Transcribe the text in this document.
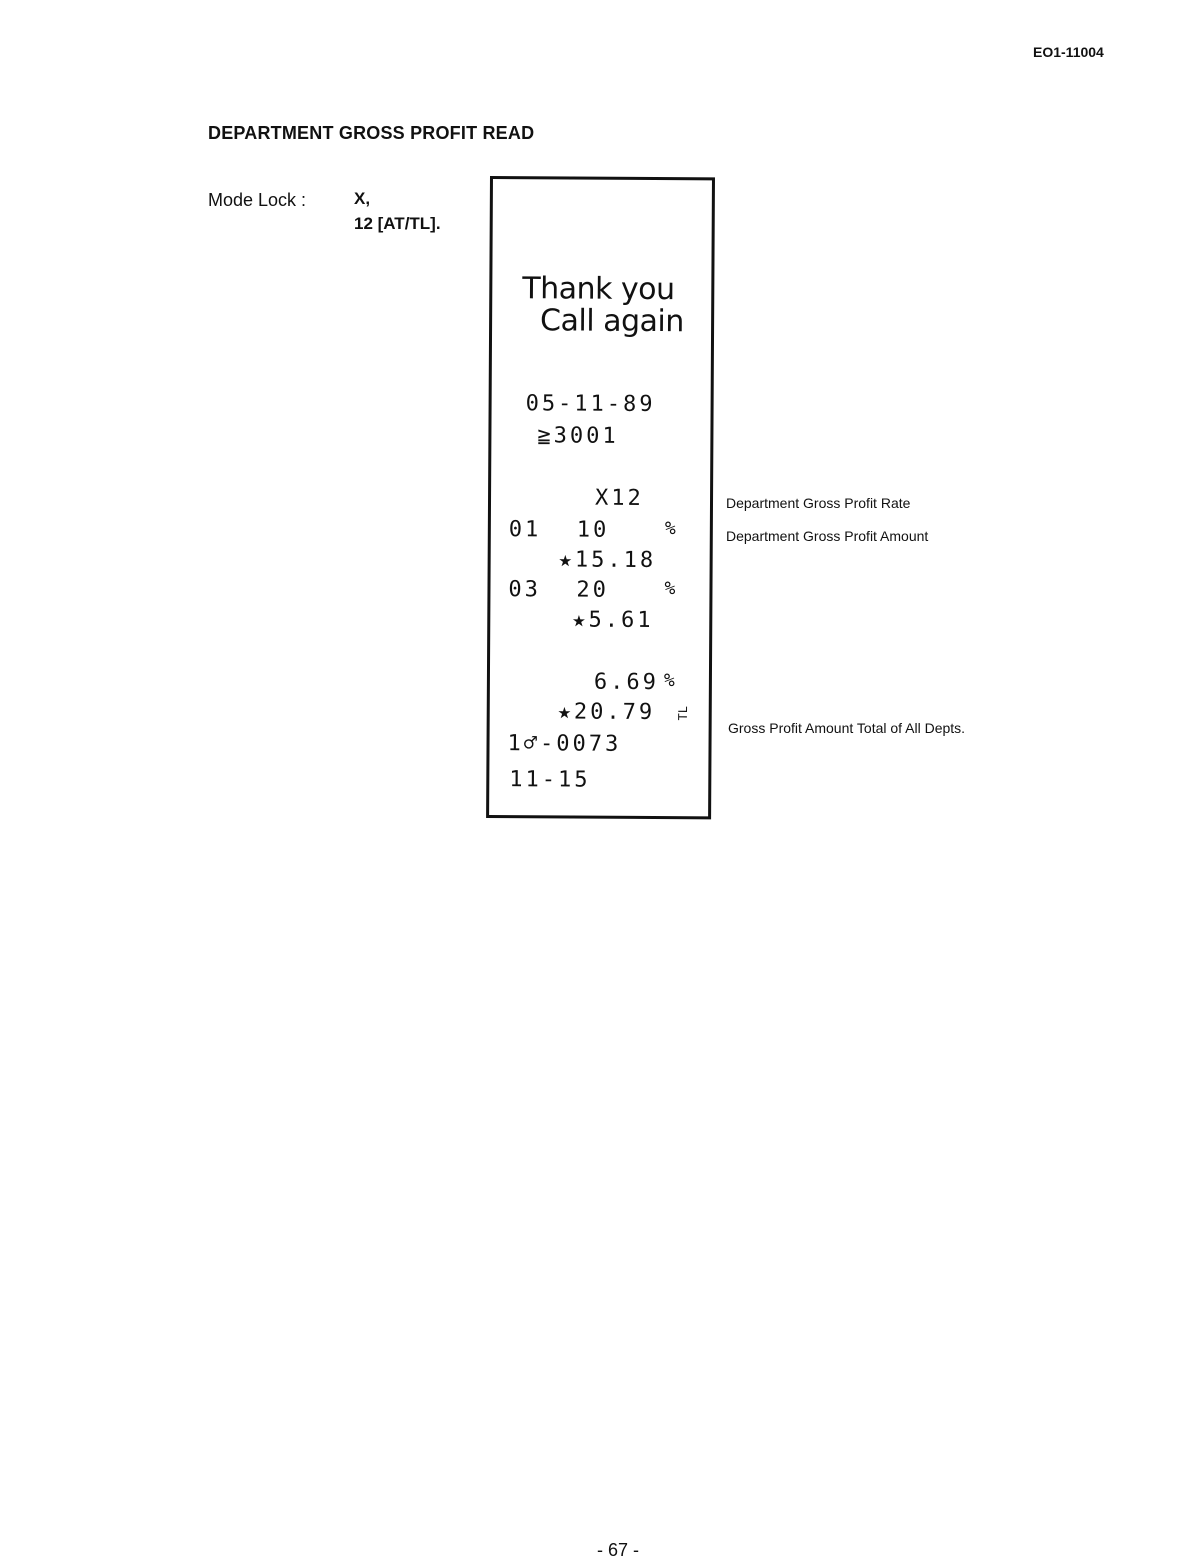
EO1-11004
DEPARTMENT GROSS PROFIT READ
Mode Lock :	X,
12 [AT/TL].
Thank you
Call again
05-11-89
≧3001
X12
01 10	%
★15.18
03 20	%
★5.61
6.69 %
★20.79 TL
1♂-0073
11-15
Department Gross Profit Rate
Department Gross Profit Amount
Gross Profit Amount Total of All Depts.
- 67 -
